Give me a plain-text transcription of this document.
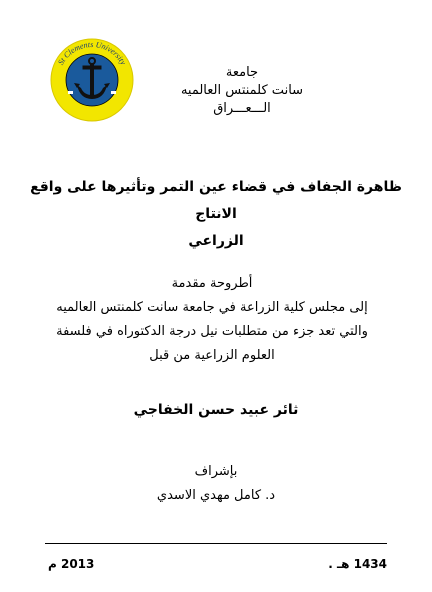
St Clements University
جامعة
سانت كلمنتس العالميه
الـــعـــراق
ظاهرة الجفاف في قضاء عين التمر وتأثيرها على واقع الانتاج
الزراعي
أطروحة مقدمة
إلى مجلس كلية الزراعة في جامعة سانت كلمنتس العالميه
والتي تعد جزء من متطلبات نيل درجة الدكتوراه في فلسفة
العلوم الزراعية من قبل
ثائر عبيد حسن الخفاجي
بإشراف
د. كامل مهدي الاسدي
1434 هـ .
2013 م
